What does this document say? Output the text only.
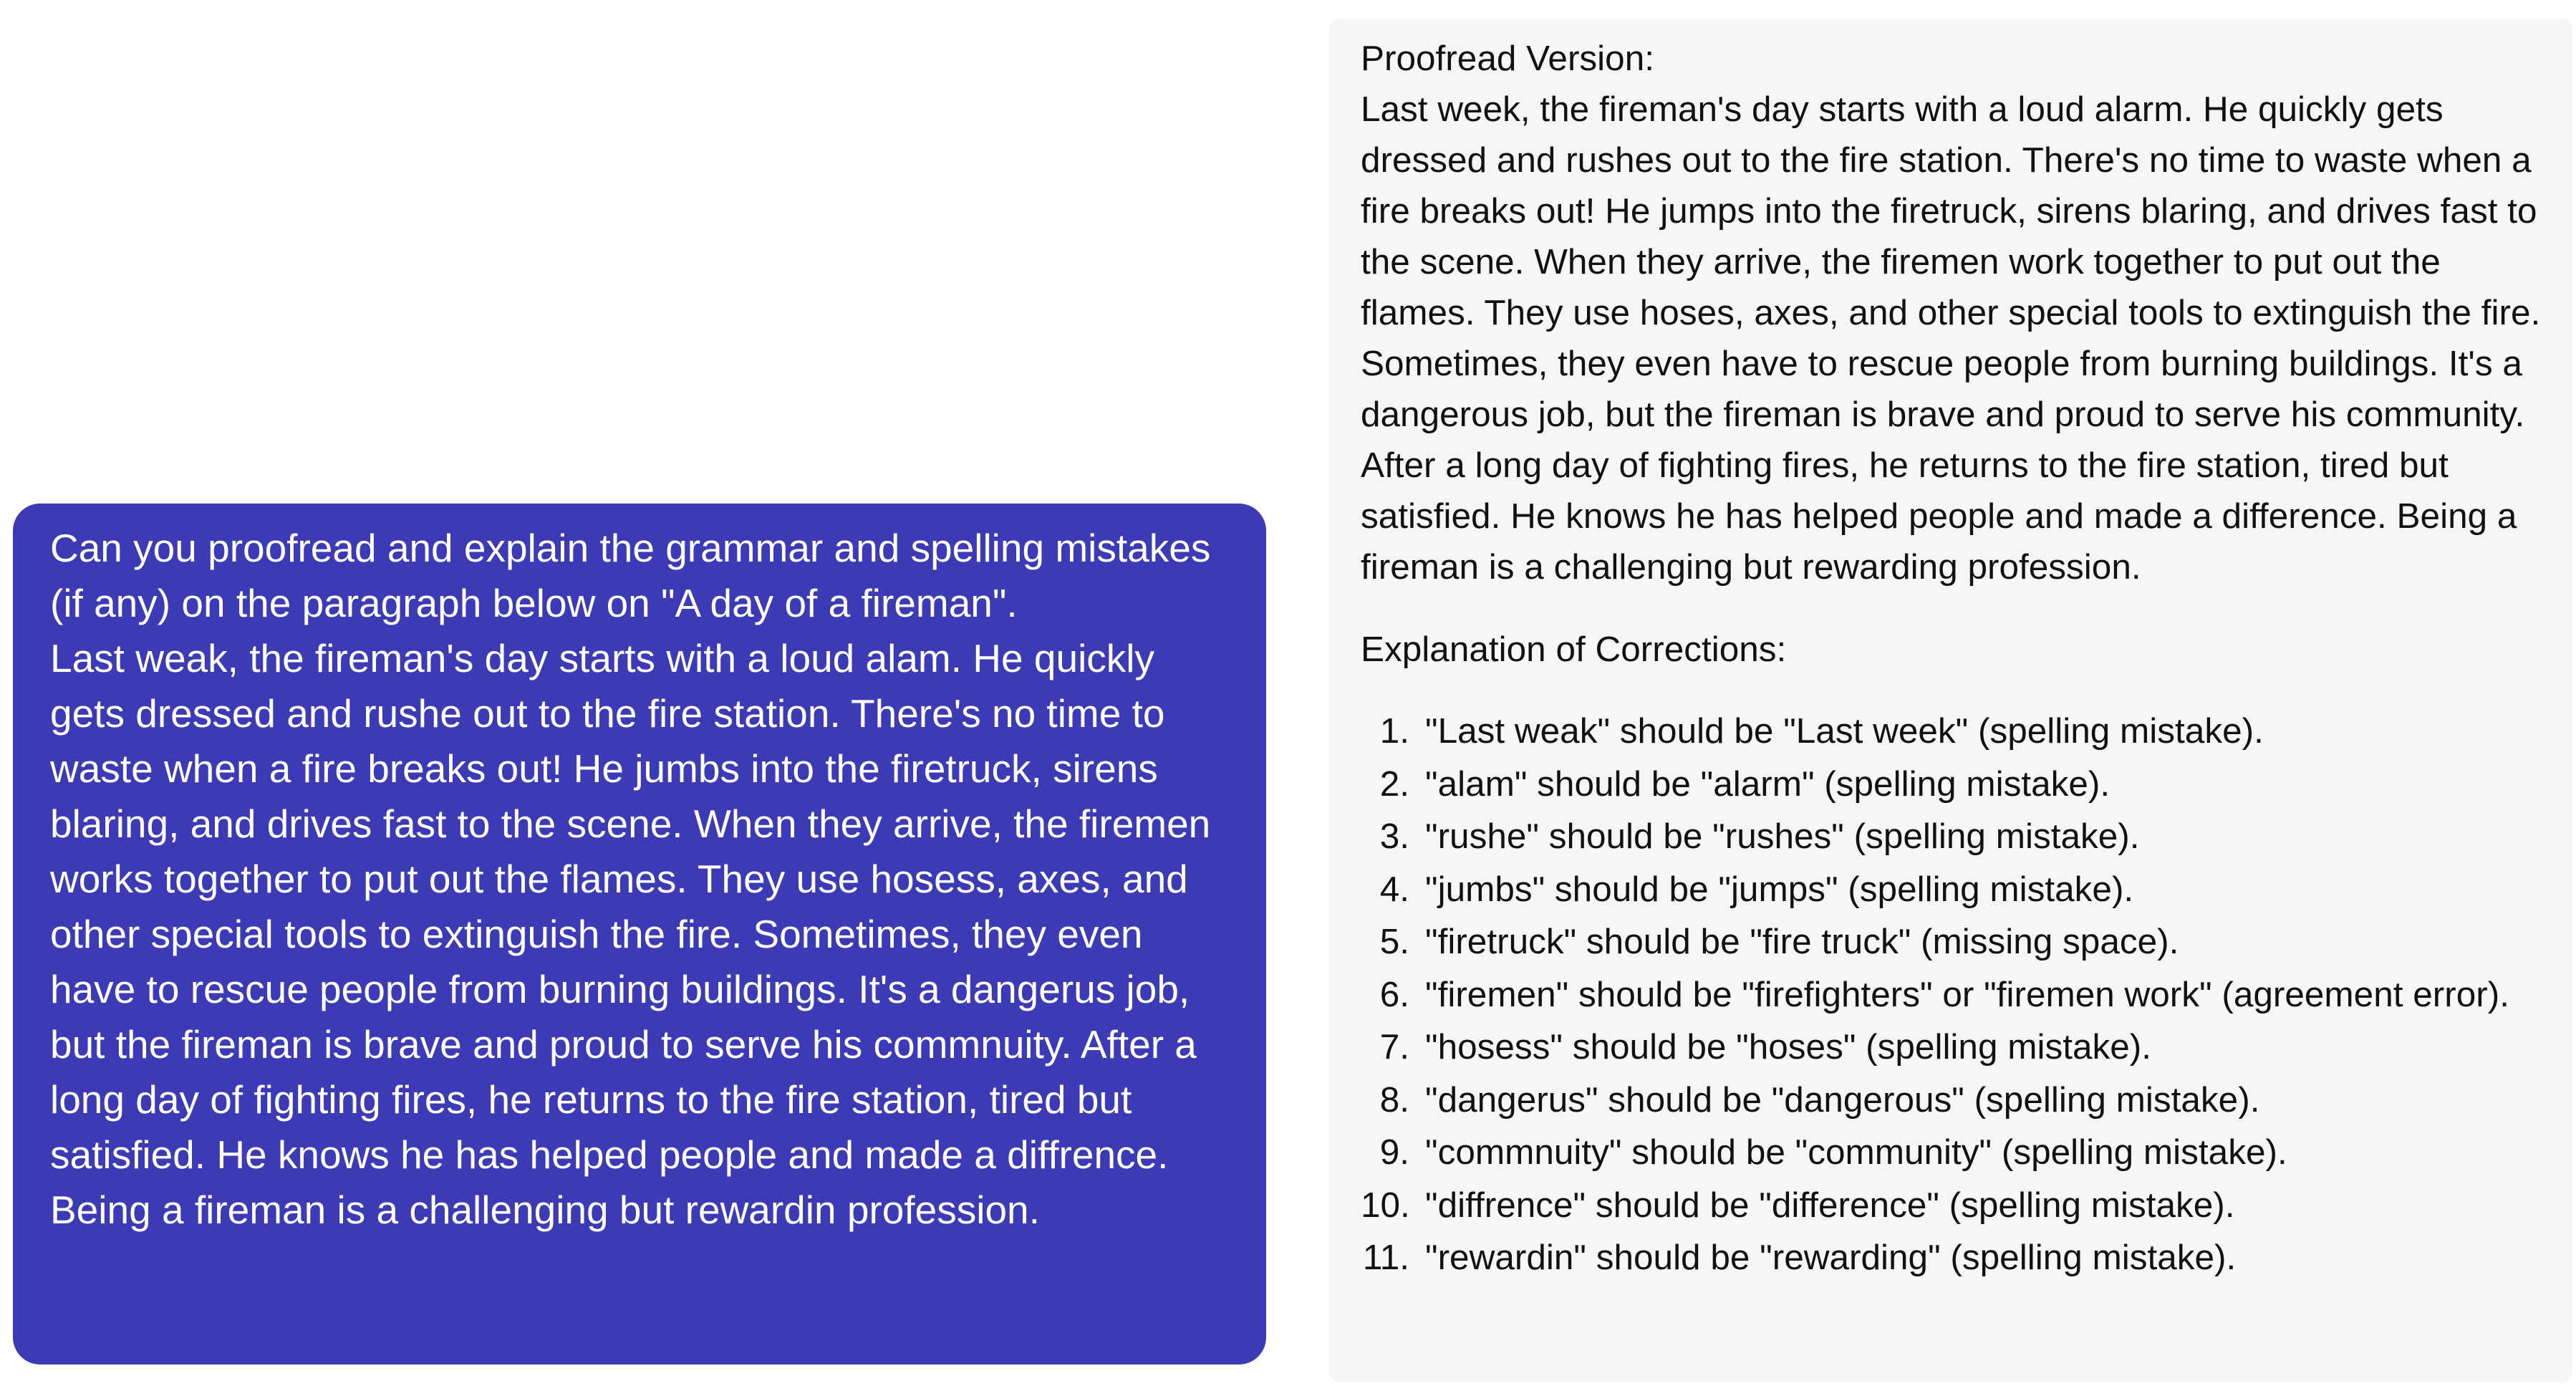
Can you proofread and explain the grammar and spelling mistakes (if any) on the paragraph below on "A day of a fireman".

Last weak, the fireman's day starts with a loud alam. He quickly gets dressed and rushe out to the fire station. There's no time to waste when a fire breaks out! He jumbs into the firetruck, sirens blaring, and drives fast to the scene. When they arrive, the firemen works together to put out the flames. They use hosess, axes, and other special tools to extinguish the fire. Sometimes, they even have to rescue people from burning buildings. It's a dangerus job, but the fireman is brave and proud to serve his commnuity. After a long day of fighting fires, he returns to the fire station, tired but satisfied. He knows he has helped people and made a diffrence. Being a fireman is a challenging but rewardin profession.

Proofread Version:

Last week, the fireman's day starts with a loud alarm. He quickly gets dressed and rushes out to the fire station. There's no time to waste when a fire breaks out! He jumps into the firetruck, sirens blaring, and drives fast to the scene. When they arrive, the firemen work together to put out the flames. They use hoses, axes, and other special tools to extinguish the fire. Sometimes, they even have to rescue people from burning buildings. It's a dangerous job, but the fireman is brave and proud to serve his community. After a long day of fighting fires, he returns to the fire station, tired but satisfied. He knows he has helped people and made a difference. Being a fireman is a challenging but rewarding profession.

Explanation of Corrections:

1. "Last weak" should be "Last week" (spelling mistake).
2. "alam" should be "alarm" (spelling mistake).
3. "rushe" should be "rushes" (spelling mistake).
4. "jumbs" should be "jumps" (spelling mistake).
5. "firetruck" should be "fire truck" (missing space).
6. "firemen" should be "firefighters" or "firemen work" (agreement error).
7. "hosess" should be "hoses" (spelling mistake).
8. "dangerus" should be "dangerous" (spelling mistake).
9. "commnuity" should be "community" (spelling mistake).
10. "diffrence" should be "difference" (spelling mistake).
11. "rewardin" should be "rewarding" (spelling mistake).
